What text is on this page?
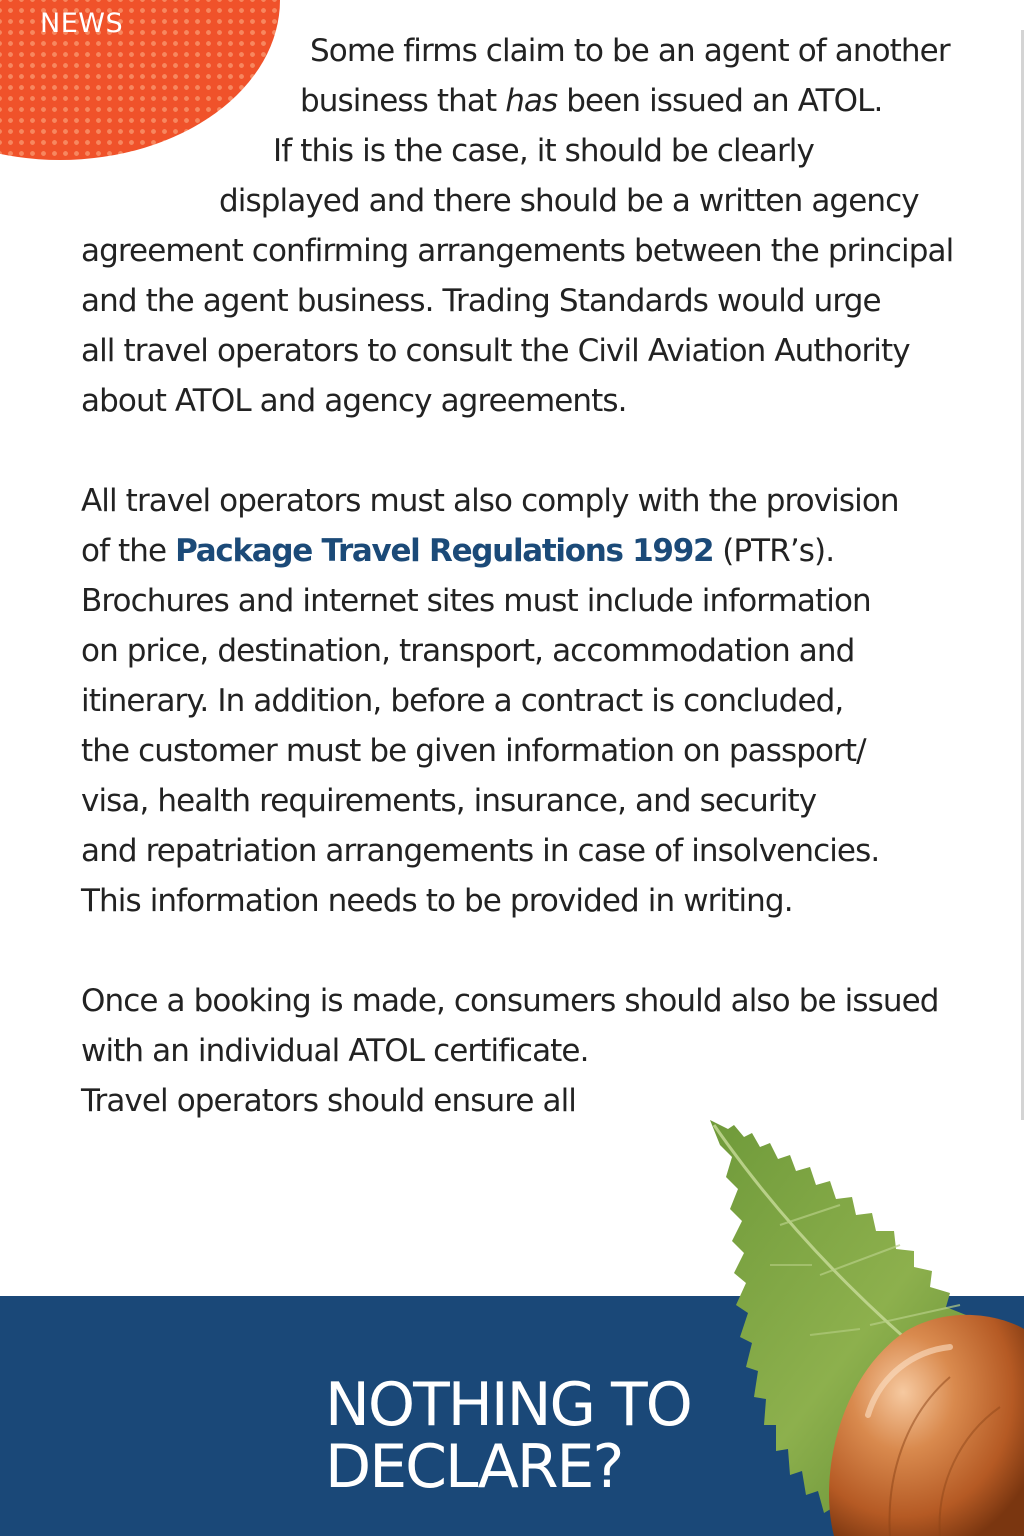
NEWS
Some firms claim to be an agent of another
business that has been issued an ATOL.
If this is the case, it should be clearly
displayed and there should be a written agency
agreement confirming arrangements between the principal
and the agent business. Trading Standards would urge
all travel operators to consult the Civil Aviation Authority
about ATOL and agency agreements.
All travel operators must also comply with the provision
of the Package Travel Regulations 1992 (PTR’s).
Brochures and internet sites must include information
on price, destination, transport, accommodation and
itinerary. In addition, before a contract is concluded,
the customer must be given information on passport/
visa, health requirements, insurance, and security
and repatriation arrangements in case of insolvencies.
This information needs to be provided in writing.
Once a booking is made, consumers should also be issued
with an individual ATOL certificate.
Travel operators should ensure all
NOTHING TO
DECLARE?
